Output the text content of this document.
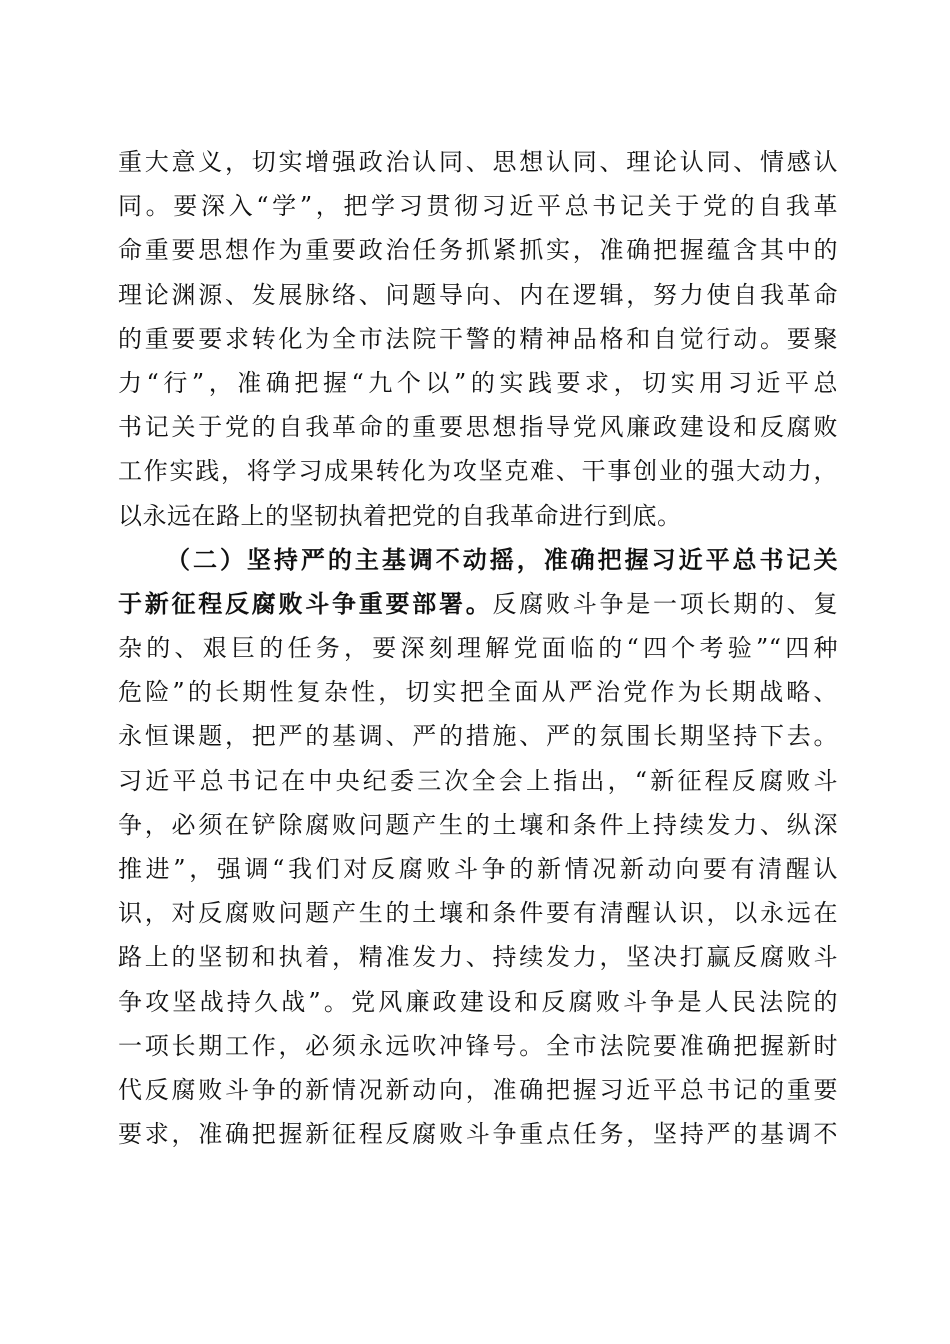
重大意义，切实增强政治认同、思想认同、理论认同、情感认
同。要深入“学”，把学习贯彻习近平总书记关于党的自我革
命重要思想作为重要政治任务抓紧抓实，准确把握蕴含其中的
理论渊源、发展脉络、问题导向、内在逻辑，努力使自我革命
的重要要求转化为全市法院干警的精神品格和自觉行动。要聚
力“行”，准确把握“九个以”的实践要求，切实用习近平总
书记关于党的自我革命的重要思想指导党风廉政建设和反腐败
工作实践，将学习成果转化为攻坚克难、干事创业的强大动力，
以永远在路上的坚韧执着把党的自我革命进行到底。
（二）坚持严的主基调不动摇，准确把握习近平总书记关
于新征程反腐败斗争重要部署。反腐败斗争是一项长期的、复
杂的、艰巨的任务，要深刻理解党面临的“四个考验”“四种
危险”的长期性复杂性，切实把全面从严治党作为长期战略、
永恒课题，把严的基调、严的措施、严的氛围长期坚持下去。
习近平总书记在中央纪委三次全会上指出，“新征程反腐败斗
争，必须在铲除腐败问题产生的土壤和条件上持续发力、纵深
推进”，强调“我们对反腐败斗争的新情况新动向要有清醒认
识，对反腐败问题产生的土壤和条件要有清醒认识，以永远在
路上的坚韧和执着，精准发力、持续发力，坚决打赢反腐败斗
争攻坚战持久战”。党风廉政建设和反腐败斗争是人民法院的
一项长期工作，必须永远吹冲锋号。全市法院要准确把握新时
代反腐败斗争的新情况新动向，准确把握习近平总书记的重要
要求，准确把握新征程反腐败斗争重点任务，坚持严的基调不
